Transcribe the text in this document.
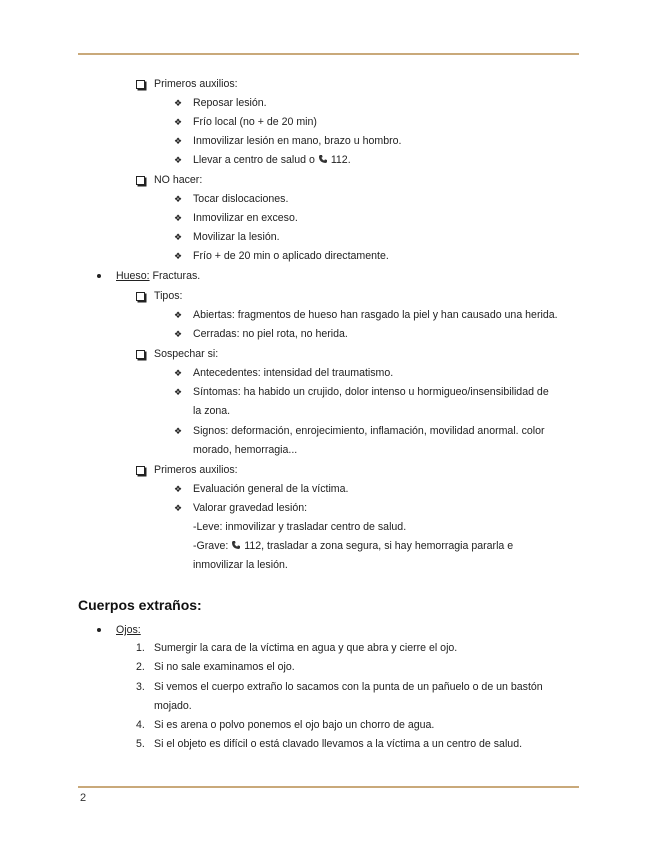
Primeros auxilios:
❖ Reposar lesión.
❖ Frío local (no + de 20 min)
❖ Inmovilizar lesión en mano, brazo u hombro.
❖ Llevar a centro de salud o 112.
NO hacer:
❖ Tocar dislocaciones.
❖ Inmovilizar en exceso.
❖ Movilizar la lesión.
❖ Frío + de 20 min o aplicado directamente.
Hueso: Fracturas.
Tipos:
❖ Abiertas: fragmentos de hueso han rasgado la piel y han causado una herida.
❖ Cerradas: no piel rota, no herida.
Sospechar si:
❖ Antecedentes: intensidad del traumatismo.
❖ Síntomas: ha habido un crujido, dolor intenso u hormigueo/insensibilidad de
la zona.
❖ Signos: deformación, enrojecimiento, inflamación, movilidad anormal. color
morado, hemorragia...
Primeros auxilios:
❖ Evaluación general de la víctima.
❖ Valorar gravedad lesión:
-Leve: inmovilizar y trasladar centro de salud.
-Grave: 112, trasladar a zona segura, si hay hemorragia pararla e
inmovilizar la lesión.
Cuerpos extraños:
Ojos:
1. Sumergir la cara de la víctima en agua y que abra y cierre el ojo.
2. Si no sale examinamos el ojo.
3. Si vemos el cuerpo extraño lo sacamos con la punta de un pañuelo o de un bastón
mojado.
4. Si es arena o polvo ponemos el ojo bajo un chorro de agua.
5. Si el objeto es difícil o está clavado llevamos a la víctima a un centro de salud.
2
